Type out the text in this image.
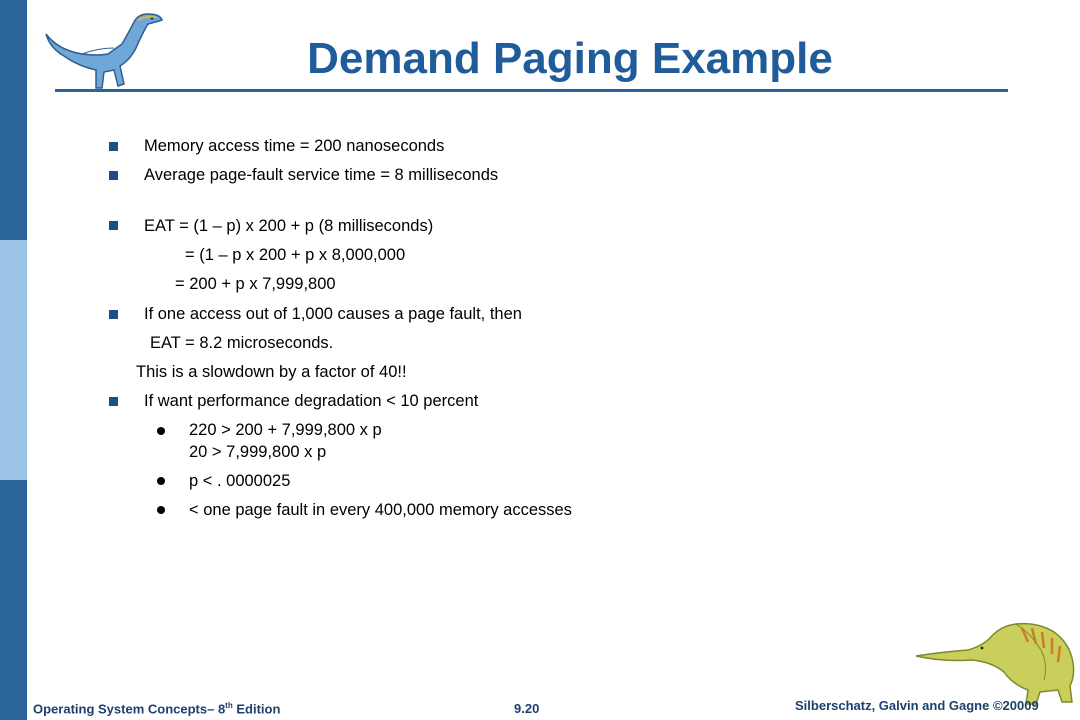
Demand Paging Example
Memory access time = 200 nanoseconds
Average page-fault service time = 8 milliseconds
EAT = (1 – p) x 200 + p (8 milliseconds)
= (1 – p x 200 + p x 8,000,000
= 200 + p x 7,999,800
If one access out of 1,000 causes a page fault, then
EAT = 8.2 microseconds.
This is a slowdown by a factor of 40!!
If want performance degradation < 10 percent
220 > 200 + 7,999,800 x p
20 > 7,999,800 x p
p < . 0000025
< one page fault in every 400,000 memory accesses
Operating System Concepts– 8th Edition	9.20	Silberschatz, Galvin and Gagne ©20009
